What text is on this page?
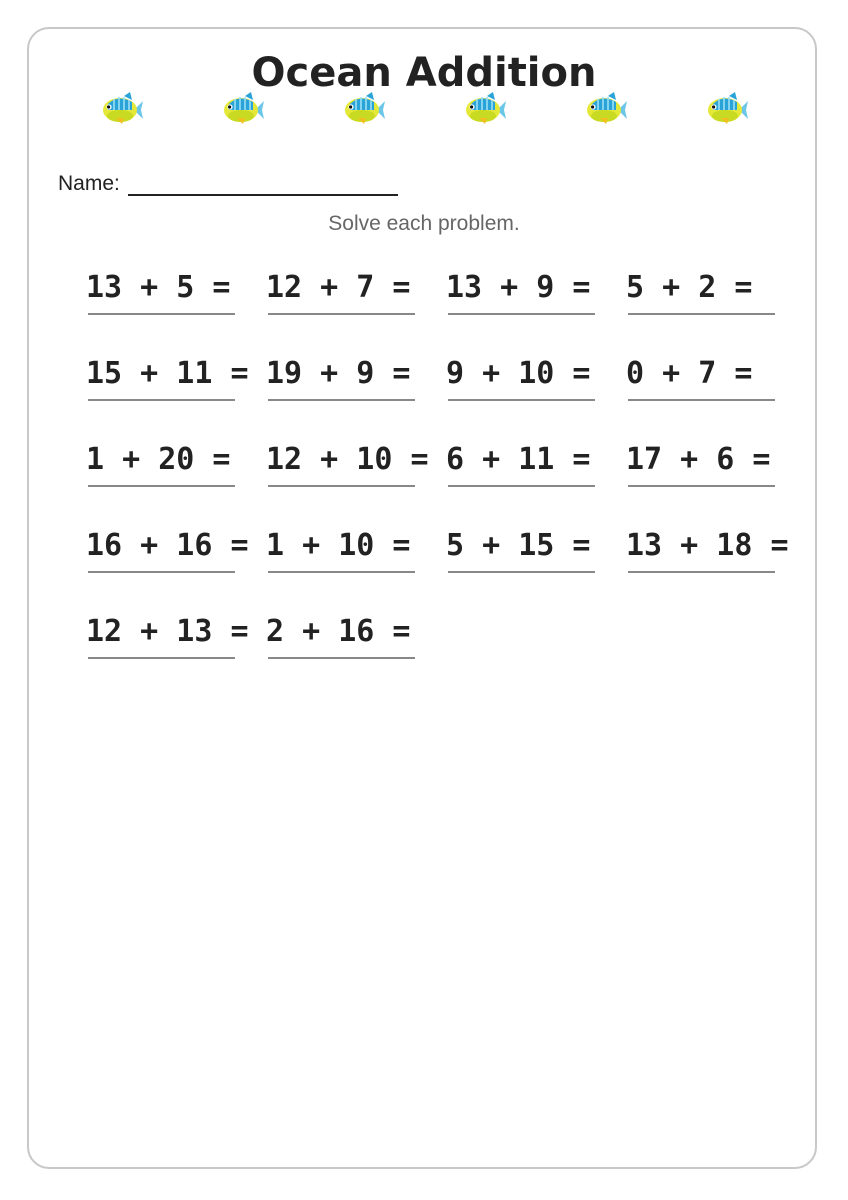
Ocean Addition
Name:
Solve each problem.
13 + 5 = 12 + 7 = 13 + 9 = 5 + 2 =
15 + 11 = 19 + 9 = 9 + 10 = 0 + 7 =
1 + 20 = 12 + 10 = 6 + 11 = 17 + 6 =
16 + 16 = 1 + 10 = 5 + 15 = 13 + 18 =
12 + 13 = 2 + 16 =
